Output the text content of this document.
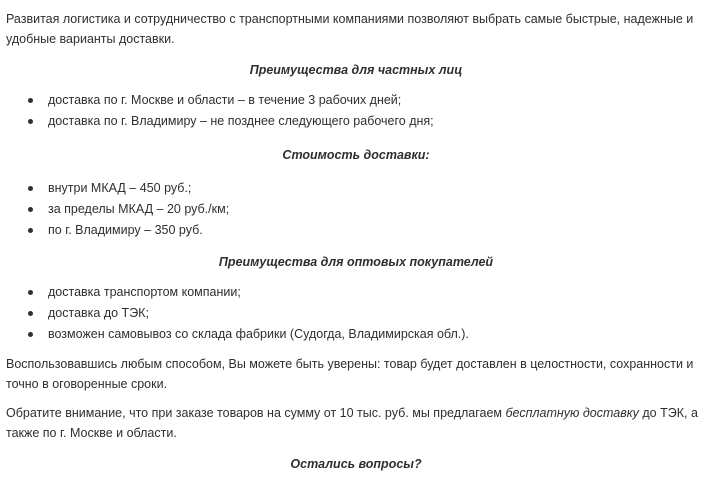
Развитая логистика и сотрудничество с транспортными компаниями позволяют выбрать самые быстрые, надежные и удобные варианты доставки.

Преимущества для частных лиц

доставка по г. Москве и области – в течение 3 рабочих дней;
доставка по г. Владимиру – не позднее следующего рабочего дня;

Стоимость доставки:

внутри МКАД – 450 руб.;
за пределы МКАД – 20 руб./км;
по г. Владимиру – 350 руб.

Преимущества для оптовых покупателей

доставка транспортом компании;
доставка до ТЭК;
возможен самовывоз со склада фабрики (Судогда, Владимирская обл.).

Воспользовавшись любым способом, Вы можете быть уверены: товар будет доставлен в целостности, сохранности и точно в оговоренные сроки.

Обратите внимание, что при заказе товаров на сумму от 10 тыс. руб. мы предлагаем бесплатную доставку до ТЭК, а также по г. Москве и области.

Остались вопросы?
